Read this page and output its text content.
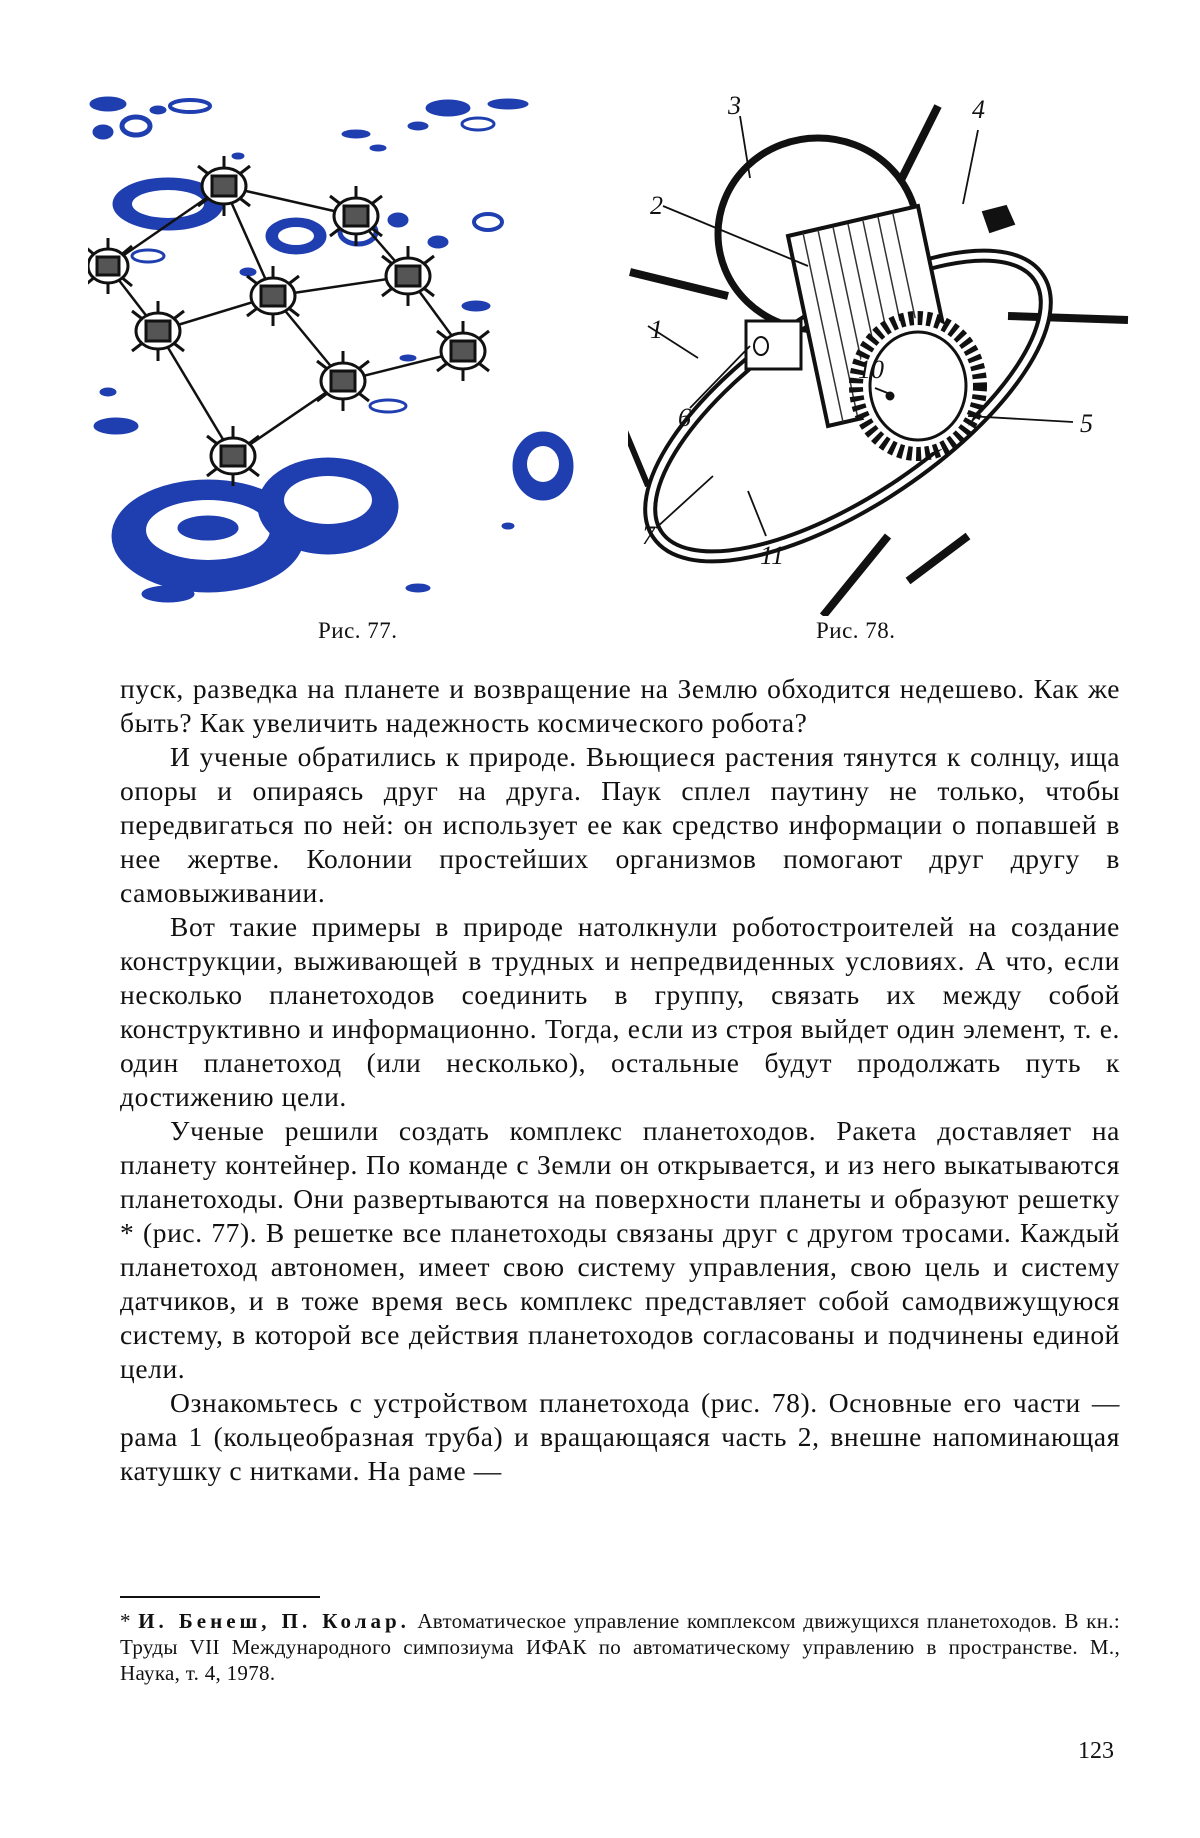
1
2
3	4
5
6
7
10
11
Рис. 77.	Рис. 78.

пуск, разведка на планете и возвращение на Землю обходится недешево. Как же быть? Как увеличить надежность космического робота?

И ученые обратились к природе. Вьющиеся растения тянутся к солнцу, ища опоры и опираясь друг на друга. Паук сплел паутину не только, чтобы передвигаться по ней: он использует ее как средство информации о попавшей в нее жертве. Колонии простейших организмов помогают друг другу в самовыживании.

Вот такие примеры в природе натолкнули роботостроителей на создание конструкции, выживающей в трудных и непредвиденных условиях. А что, если несколько планетоходов соединить в группу, связать их между собой конструктивно и информационно. Тогда, если из строя выйдет один элемент, т. е. один планетоход (или несколько), остальные будут продолжать путь к достижению цели.

Ученые решили создать комплекс планетоходов. Ракета доставляет на планету контейнер. По команде с Земли он открывается, и из него выкатываются планетоходы. Они развертываются на поверхности планеты и образуют решетку * (рис. 77). В решетке все планетоходы связаны друг с другом тросами. Каждый планетоход автономен, имеет свою систему управления, свою цель и систему датчиков, и в тоже время весь комплекс представляет собой самодвижущуюся систему, в которой все действия планетоходов согласованы и подчинены единой цели.

Ознакомьтесь с устройством планетохода (рис. 78). Основные его части — рама 1 (кольцеобразная труба) и вращающаяся часть 2, внешне напоминающая катушку с нитками. На раме —

* И. Бенеш, П. Колар. Автоматическое управление комплексом движущихся планетоходов. В кн.: Труды VII Международного симпозиума ИФАК по автоматическому управлению в пространстве. М., Наука, т. 4, 1978.
123
